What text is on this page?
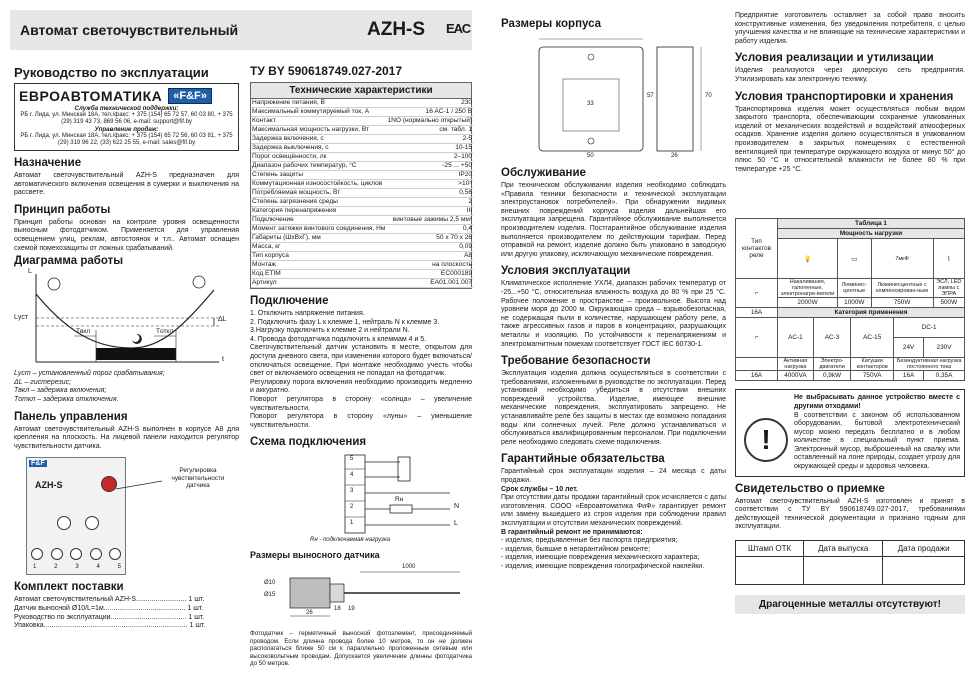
Автомат светочувствительный	AZH-S ЕАС
Руководство по эксплуатации
ЕВРОАВТОМАТИКА	«F&F»
Служба технической поддержки:
РБ г. Лида, ул. Минская 18А, тел./факс: + 375 (154) 65 72 57, 60 03 80, + 375 (29) 319 43 73, 869 56 06, e-mail: support@fif.by
Управление продаж:
РБ г. Лида, ул. Минская 18А, тел./факс: + 375 (154) 65 72 56, 60 03 81, + 375 (29) 319 96 22, (33) 622 25 55, e-mail: sales@fif.by
Назначение

Автомат светочувствительный AZH-S предназначен для автоматического включения освещения в сумерки и выключения на рассвете.

Принцип работы

Принцип работы основан на контроле уровня освещенности выносным фотодатчиком. Применяется для управления освещением улиц, реклам, автостоянок и т.п.. Автомат оснащен схемой помехозащиты от ложных срабатываний.

Диаграмма работы
L
Lуст	ΔL
Tвкл	Tоткл
t

Lуст – установленный порог срабатывания;

ΔL – гистерезис;

Tвкл – задержка включения;

Tоткл – задержка отключения.

Панель управления

Автомат светочувствительный AZH-S выполнен в корпусе А8 для крепления на плоскость. На лицевой панели находится регулятор чувствительности датчика.

F&F
AZH-S
1	2	3	4	5
Регулировка чувствительности датчика
Комплект поставки

Автомат светочувствительный AZH-S.......................... 1 шт.

Датчик выносной Ø10/L=1м.......................................... 1 шт.

Руководство по эксплуатации....................................... 1 шт.

Упаковка.......................................................................... 1 шт.

ТУ BY 590618749.027-2017
Технические характеристики
Напряжение питания, В	230
Максимальный коммутируемый ток, А	16 AC-1 / 250 В
Контакт	1NO (нормально открытый)
Максимальная мощность нагрузки, Вт	см. табл. 1
Задержка включения, с	2-5
Задержка выключения, с	10-15
Порог освещённости, лк	2–100
Диапазон рабочих температур, °С	-25 ... +50
Степень защиты	IP20
Коммутационная износостойкость, циклов	>10⁵
Потребляемая мощность, Вт	0,56
Степень загрязнения среды	2
Категория перенапряжения	III
Подключение	винтовые зажимы 2,5 мм²
Момент затяжки винтового соединения, Нм	0,4
Габариты (ШхВхГ), мм	50 х 70 х 26
Масса, кг	0,09
Тип корпуса	А8
Монтаж	на плоскость
Код ETIM	EC000189
Артикул	EA01.001.007
Подключение
1. Отключить напряжение питания.
2. Подключить фазу L к клемме 1, нейтраль N к клемме 3.
3.Нагрузку подключить к клемме 2 и нейтрали N.
4. Провода фотодатчика подключить к клеммам 4 и 5.

Светочувствительный датчик установить в месте, открытом для доступа дневного света, при изменении которого будет включаться/отключаться освещение. При монтаже необходимо учесть чтобы свет от включаемого освещения не попадал на фотодатчик.

Регулировку порога включения необходимо производить медленно и аккуратно.

Поворот регулятора в сторону «солнца» – увеличение чувствительности.

Поворот регулятора в сторону «луны» – уменьшение чувствительности.

Схема подключения
5
4
3
2
1
Rн
N
L
Rн - подключаемая нагрузка
Размеры выносного датчика
1000
26
18 19
Ø10
Ø15

Фотодатчик – герметичный выносной фотоэлемент, присоединяемый проводом. Если длинна провода более 10 метров, то он не должен располагаться ближе 50 см к параллельно проложенным сетевым или высоковольтным проводам. Допускается увеличение длинны фотодатчика до 50 метров.

Размеры корпуса
50	26
70
33
57
Обслуживание

При техническом обслуживании изделия необходимо соблюдать «Правила техники безопасности и технической эксплуатации электроустановок потребителей». При обнаружении видимых внешних повреждений корпуса изделия дальнейшая его эксплуатация запрещена. Гарантийное обслуживание выполняется производителем изделия. Постгарантийное обслуживание изделия выполняется производителем по действующим тарифам. Перед отправкой на ремонт, изделие должно быть упаковано в заводскую или другую упаковку, исключающую механические повреждения.

Условия эксплуатации

Климатическое исполнение УХЛ4, диапазон рабочих температур от -25...+50 °С, относительная влажность воздуха до 80 % при 25 °С. Рабочее положение в пространстве – произвольное. Высота над уровнем моря до 2000 м. Окружающая среда – взрывобезопасная, не содержащая пыли в количестве, нарушающем работу реле, а также агрессивных газов и паров в концентрациях, разрушающих металлы и изоляцию. По устойчивости к перенапряжениям и электромагнитным помехам соответствует ГОСТ IEC 60730-1.

Требование безопасности

Эксплуатация изделия должна осуществляться в соответствии с требованиями, изложенными в руководстве по эксплуатации. Перед установкой необходимо убедиться в отсутствии внешних повреждений устройства. Изделие, имеющее внешние механические повреждения, эксплуатировать запрещено. Не устанавливайте реле без защиты в местах где возможно попадания воды или солнечных лучей. Реле должно устанавливаться и обслуживаться квалифицированным персоналом. При подключении реле необходимо следовать схеме подключения.

Гарантийные обязательства

Гарантийный срок эксплуатации изделия – 24 месяца с даты продажи.

Срок службы – 10 лет.

При отсутствии даты продажи гарантийный срок исчисляется с даты изготовления. СООО «Евроавтоматика ФиФ» гарантирует ремонт или замену вышедшего из строя изделия при соблюдении правил эксплуатации и отсутствии механических повреждений.

В гарантийный ремонт не принимаются:

- изделия, предъявленные без паспорта предприятия;

- изделия, бывшие в негарантийном ремонте;

- изделия, имеющие повреждения механического характера;

- изделия, имеющие повреждения голографической наклейки.

Предприятие изготовитель оставляет за собой право вносить конструктивные изменения, без уведомления потребителя, с целью улучшения качества и не влияющие на технические характеристики и работу изделия.

Условия реализации и утилизации

Изделия реализуются через дилерскую сеть предприятия. Утилизировать как электронную технику.

Условия транспортировки и хранения

Транспортировка изделия может осуществляться любым видом закрытого транспорта, обеспечивающим сохранение упакованных изделий от механических воздействий и воздействий атмосферных осадков. Хранение изделия должно осуществляться в упакованном производителем в закрытых помещениях с естественной вентиляцией при температуре окружающего воздуха от минус 50° до плюс 50 °С и относительной влажности не более 80 % при температуре +25 °С.

Тип контактов реле	Таблица 1			
	Мощность нагрузки			
	💡	▭	7мкФ	⌇
⌐	Накаливания, галогенные, электронагре-ватели	Люминес-центные	Люминесцентные с компенсирован-ным	ЭСЛ, LED лампы с ЭПРА
	2000W	1000W	750W	500W
16А	Категория применения			
⌐	AC-1	AC-3	AC-15	DC-1	
				24V	230V
	Активная нагрузка	Электро-двигатели	Катушки контакторов	Безиндуктивная нагрузка постоянного тока	
16А	4000VA	0,9kW	750VA	16A	0,35A
!

Не выбрасывать данное устройство вместе с другими отходами!

В соответствии с законом об использованном оборудовании, бытовой электротехнический мусор можно передать бесплатно и в любом количестве в специальный пункт приема. Электронный мусор, выброшенный на свалку или оставленный на лоне природы, создает угрозу для окружающей среды и здоровья человека.

Свидетельство о приемке

Автомат светочувствительный AZH-S изготовлен и принят в соответствии с ТУ BY 590618749.027-2017, требованиями действующей технической документации и признано годным для эксплуатации.

Штамп ОТК	Дата выпуска	Дата продажи

Драгоценные металлы отсутствуют!
